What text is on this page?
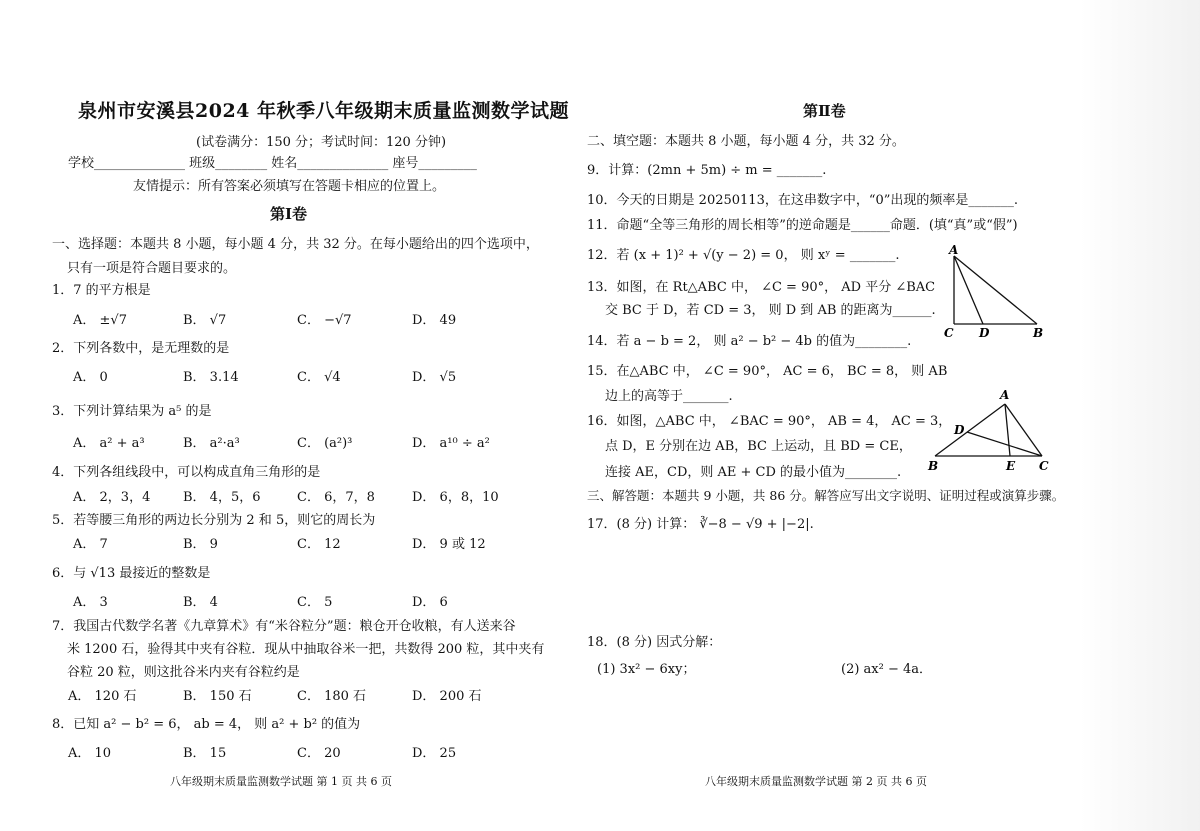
泉州市安溪县2024 年秋季八年级期末质量监测数学试题
(试卷满分：150 分；考试时间：120 分钟)
学校______________ 班级________ 姓名______________ 座号_________
友情提示：所有答案必须填写在答题卡相应的位置上。
第Ⅰ卷
一、选择题：本题共 8 小题，每小题 4 分，共 32 分。在每小题给出的四个选项中，
只有一项是符合题目要求的。
1．7 的平方根是
A． ±√7	B． √7	C． −√7	D． 49
2．下列各数中，是无理数的是
A． 0	B． 3.14	C． √4	D． √5
3．下列计算结果为 a⁵ 的是
A． a² + a³	B． a²·a³	C． (a²)³	D． a¹⁰ ÷ a²
4．下列各组线段中，可以构成直角三角形的是
A． 2，3，4	B． 4，5，6	C． 6，7，8	D． 6，8，10
5．若等腰三角形的两边长分别为 2 和 5，则它的周长为
A． 7	B． 9	C． 12	D． 9 或 12
6．与 √13 最接近的整数是
A． 3	B． 4	C． 5	D． 6
7．我国古代数学名著《九章算术》有“米谷粒分”题：粮仓开仓收粮，有人送来谷
米 1200 石，验得其中夹有谷粒．现从中抽取谷米一把，共数得 200 粒，其中夹有
谷粒 20 粒，则这批谷米内夹有谷粒约是
A． 120 石	B． 150 石	C． 180 石	D． 200 石
8．已知 a² − b² = 6， ab = 4， 则 a² + b² 的值为
A． 10	B． 15	C． 20	D． 25
八年级期末质量监测数学试题 第 1 页 共 6 页
第Ⅱ卷
二、填空题：本题共 8 小题，每小题 4 分，共 32 分。
9．计算：(2mn + 5m) ÷ m = _______.
10．今天的日期是 20250113，在这串数字中，“0”出现的频率是_______.
11．命题“全等三角形的周长相等”的逆命题是______命题．(填“真”或“假”)
12．若 (x + 1)² + √(y − 2) = 0， 则 xʸ = _______.
13．如图，在 Rt△ABC 中， ∠C = 90°， AD 平分 ∠BAC
交 BC 于 D，若 CD = 3， 则 D 到 AB 的距离为______.
14．若 a − b = 2， 则 a² − b² − 4b 的值为________.
15．在△ABC 中， ∠C = 90°， AC = 6， BC = 8， 则 AB
边上的高等于_______.
16．如图，△ABC 中， ∠BAC = 90°， AB = 4， AC = 3，
点 D，E 分别在边 AB，BC 上运动，且 BD = CE，
连接 AE，CD，则 AE + CD 的最小值为________.
三、解答题：本题共 9 小题，共 86 分。解答应写出文字说明、证明过程或演算步骤。
17．(8 分) 计算： ∛−8 − √9 + |−2|.
18．(8 分) 因式分解：
(1) 3x² − 6xy；	(2) ax² − 4a．
八年级期末质量监测数学试题 第 2 页 共 6 页
A
C D	B
A
D
B	E C
